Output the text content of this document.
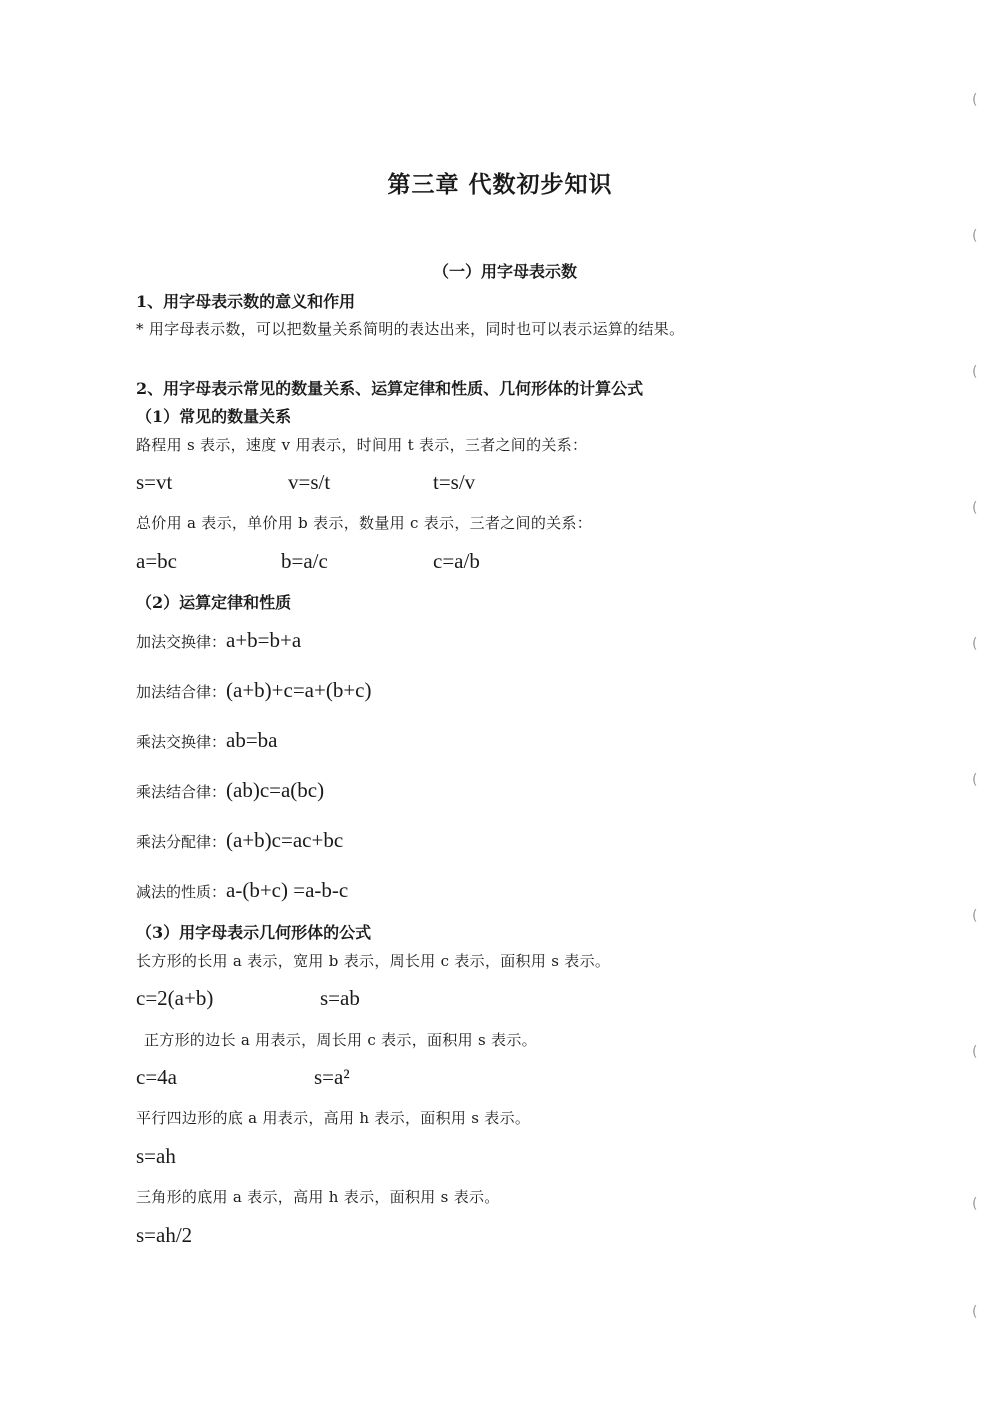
第三章 代数初步知识
（一）用字母表示数
1、用字母表示数的意义和作用
* 用字母表示数，可以把数量关系简明的表达出来，同时也可以表示运算的结果。
2、用字母表示常见的数量关系、运算定律和性质、几何形体的计算公式
（1）常见的数量关系
路程用 s 表示，速度 v 用表示，时间用 t 表示，三者之间的关系：
s=vt	v=s/t	t=s/v
总价用 a 表示，单价用 b 表示，数量用 c 表示，三者之间的关系：
a=bc	b=a/c	c=a/b
（2）运算定律和性质
加法交换律：a+b=b+a
加法结合律：(a+b)+c=a+(b+c)
乘法交换律：ab=ba
乘法结合律：(ab)c=a(bc)
乘法分配律：(a+b)c=ac+bc
减法的性质：a-(b+c) =a-b-c
（3）用字母表示几何形体的公式
长方形的长用 a 表示，宽用 b 表示，周长用 c 表示，面积用 s 表示。
c=2(a+b)	s=ab
正方形的边长 a 用表示，周长用 c 表示，面积用 s 表示。
c=4a	s=a²
平行四边形的底 a 用表示，高用 h 表示，面积用 s 表示。
s=ah
三角形的底用 a 表示，高用 h 表示，面积用 s 表示。
s=ah/2
(
(
(
(
(
(
(
(
(
(
